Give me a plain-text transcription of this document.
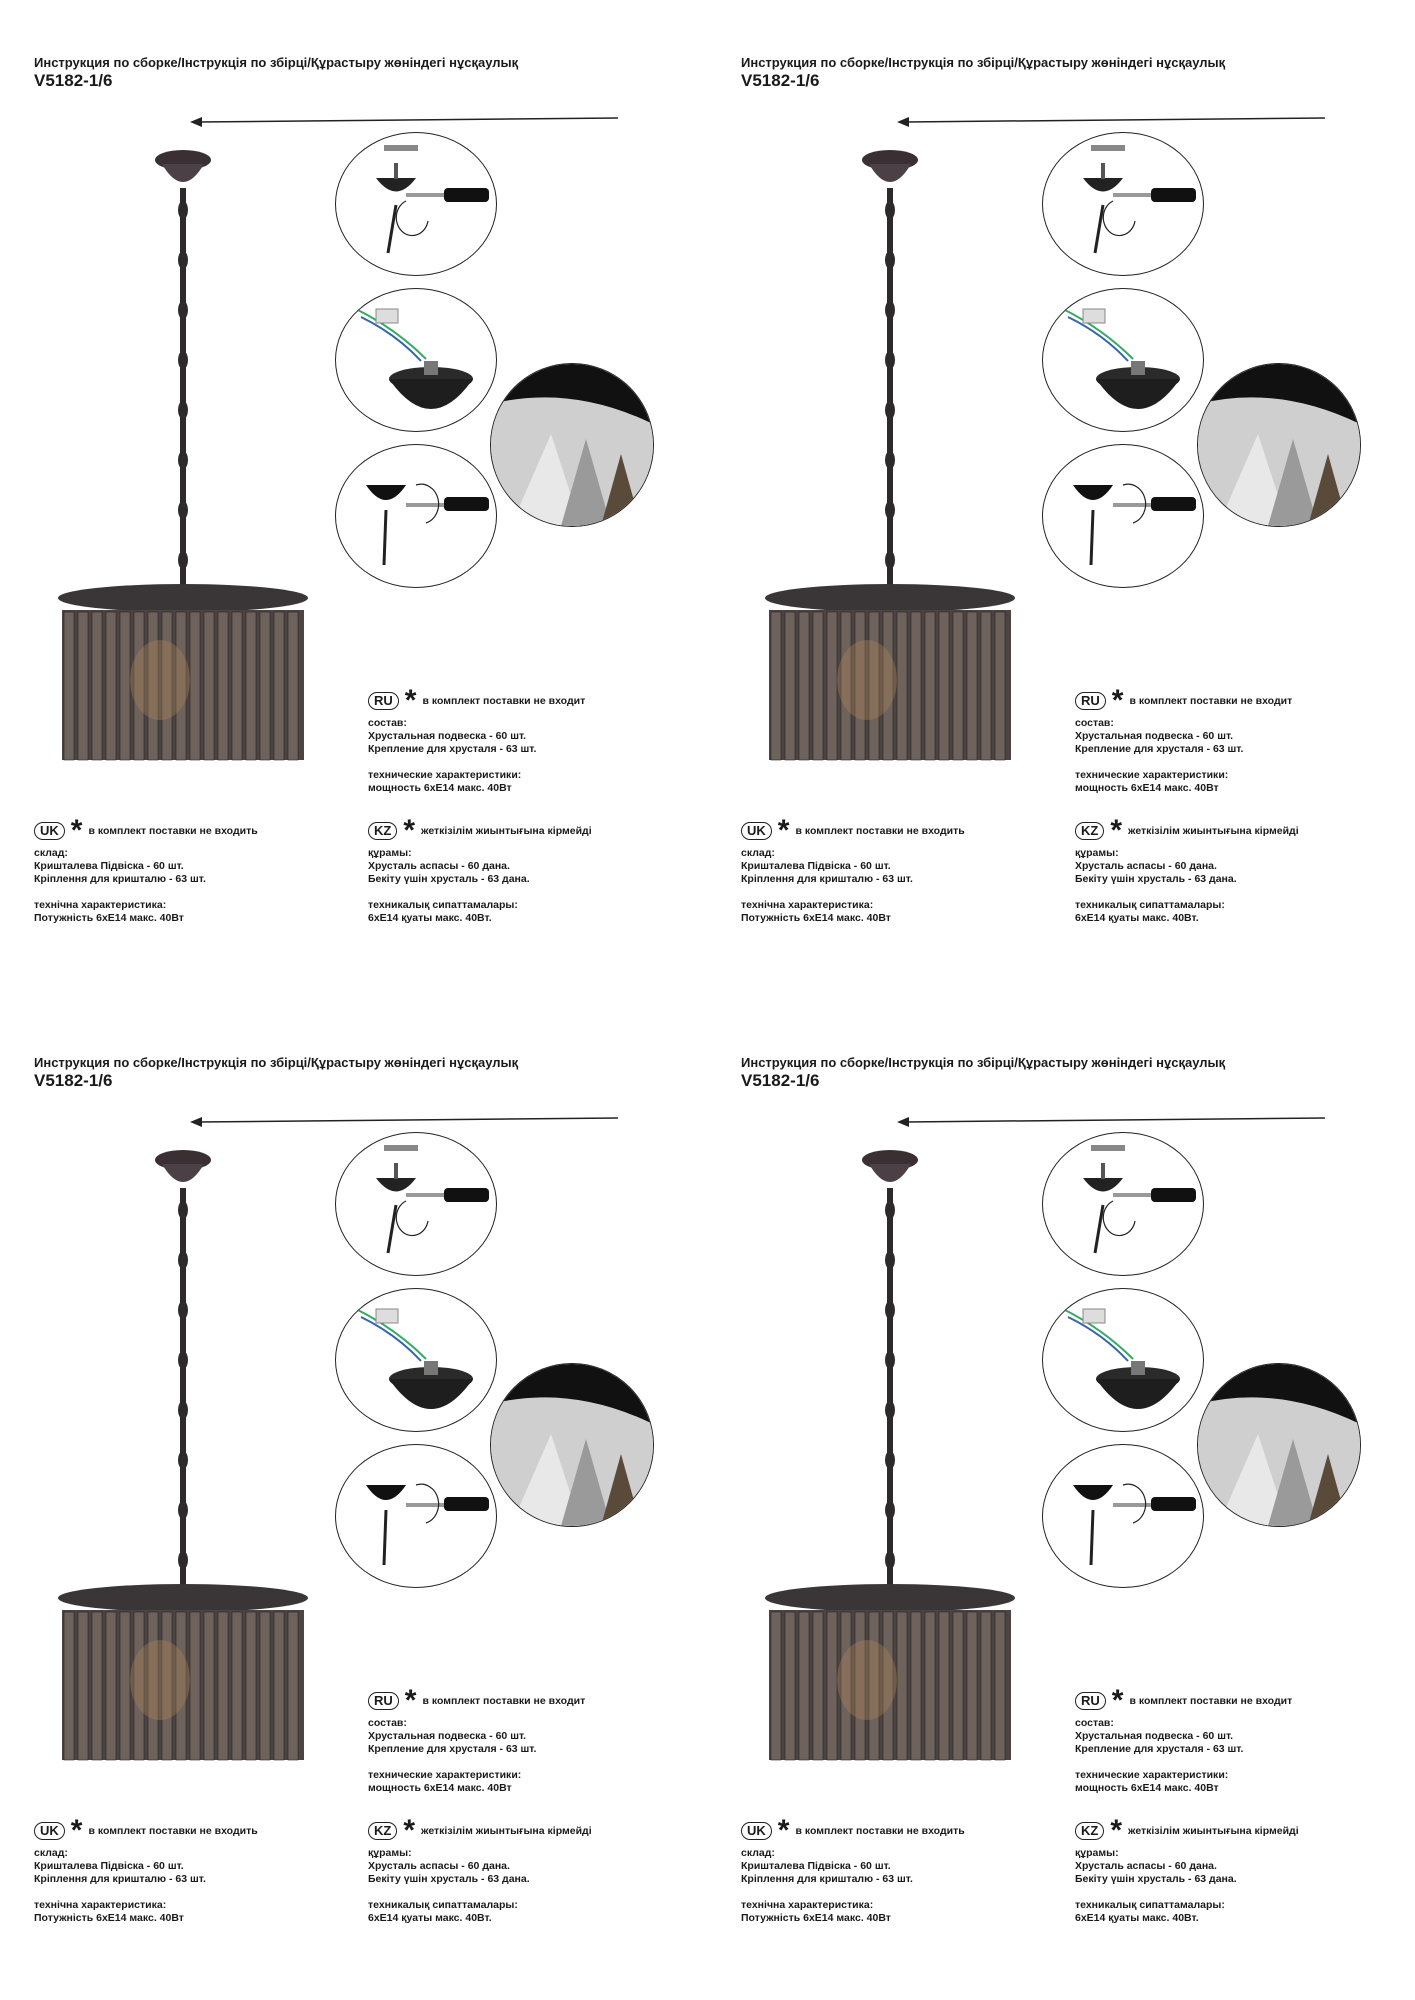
Инструкция по сборке/Інструкція по збірці/Құрастыру жөніндегі нұсқаулық
V5182-1/6
RU * в комплект поставки не входит

состав:

Хрустальная подвеска - 60 шт.

Крепление для хрусталя - 63 шт.

технические характеристики:

мощность 6хE14 макс. 40Вт

UK * в комплект поставки не входить

склад:

Кришталева Підвіска - 60 шт.

Кріплення для кришталю - 63 шт.

технічна характеристика:

Потужність 6хE14 макс. 40Вт

KZ * жеткізілім жиынтығына кірмейді

құрамы:

Хрусталь аспасы - 60 дана.

Бекіту үшін хрусталь - 63 дана.

техникалық сипаттамалары:

6хE14 қуаты макс. 40Вт.

Инструкция по сборке/Інструкція по збірці/Құрастыру жөніндегі нұсқаулық
V5182-1/6
RU * в комплект поставки не входит

состав:

Хрустальная подвеска - 60 шт.

Крепление для хрусталя - 63 шт.

технические характеристики:

мощность 6хE14 макс. 40Вт

UK * в комплект поставки не входить

склад:

Кришталева Підвіска - 60 шт.

Кріплення для кришталю - 63 шт.

технічна характеристика:

Потужність 6хE14 макс. 40Вт

KZ * жеткізілім жиынтығына кірмейді

құрамы:

Хрусталь аспасы - 60 дана.

Бекіту үшін хрусталь - 63 дана.

техникалық сипаттамалары:

6хE14 қуаты макс. 40Вт.

Инструкция по сборке/Інструкція по збірці/Құрастыру жөніндегі нұсқаулық
V5182-1/6
RU * в комплект поставки не входит

состав:

Хрустальная подвеска - 60 шт.

Крепление для хрусталя - 63 шт.

технические характеристики:

мощность 6хE14 макс. 40Вт

UK * в комплект поставки не входить

склад:

Кришталева Підвіска - 60 шт.

Кріплення для кришталю - 63 шт.

технічна характеристика:

Потужність 6хE14 макс. 40Вт

KZ * жеткізілім жиынтығына кірмейді

құрамы:

Хрусталь аспасы - 60 дана.

Бекіту үшін хрусталь - 63 дана.

техникалық сипаттамалары:

6хE14 қуаты макс. 40Вт.

Инструкция по сборке/Інструкція по збірці/Құрастыру жөніндегі нұсқаулық
V5182-1/6
RU * в комплект поставки не входит

состав:

Хрустальная подвеска - 60 шт.

Крепление для хрусталя - 63 шт.

технические характеристики:

мощность 6хE14 макс. 40Вт

UK * в комплект поставки не входить

склад:

Кришталева Підвіска - 60 шт.

Кріплення для кришталю - 63 шт.

технічна характеристика:

Потужність 6хE14 макс. 40Вт

KZ * жеткізілім жиынтығына кірмейді

құрамы:

Хрусталь аспасы - 60 дана.

Бекіту үшін хрусталь - 63 дана.

техникалық сипаттамалары:

6хE14 қуаты макс. 40Вт.
